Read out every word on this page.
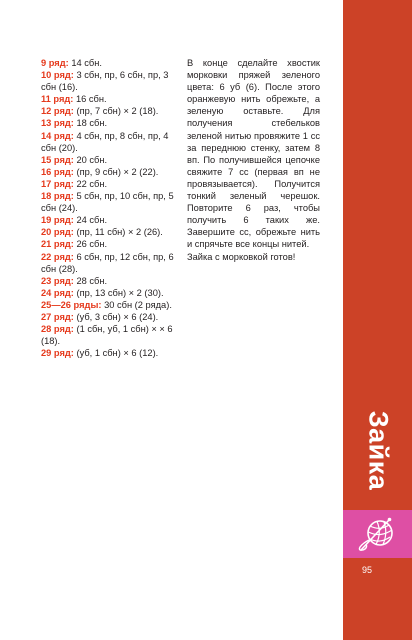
9 ряд: 14 сбн.
10 ряд: 3 сбн, пр, 6 сбн, пр, 3 сбн (16).
11 ряд: 16 сбн.
12 ряд: (пр, 7 сбн) × 2 (18).
13 ряд: 18 сбн.
14 ряд: 4 сбн, пр, 8 сбн, пр, 4 сбн (20).
15 ряд: 20 сбн.
16 ряд: (пр, 9 сбн) × 2 (22).
17 ряд: 22 сбн.
18 ряд: 5 сбн, пр, 10 сбн, пр, 5 сбн (24).
19 ряд: 24 сбн.
20 ряд: (пр, 11 сбн) × 2 (26).
21 ряд: 26 сбн.
22 ряд: 6 сбн, пр, 12 сбн, пр, 6 сбн (28).
23 ряд: 28 сбн.
24 ряд: (пр, 13 сбн) × 2 (30).
25—26 ряды: 30 сбн (2 ряда).
27 ряд: (уб, 3 сбн) × 6 (24).
28 ряд: (1 сбн, уб, 1 сбн) × × 6 (18).
29 ряд: (уб, 1 сбн) × 6 (12).

В конце сделайте хвостик морковки пряжей зеленого цвета: 6 уб (6). После этого оранжевую нить обрежьте, а зеленую оставьте. Для получения стебельков зеленой нитью провяжите 1 сс за переднюю стенку, затем 8 вп. По получившейся цепочке свяжите 7 сс (первая вп не провязывается). Получится тонкий зеленый черешок. Повторите 6 раз, чтобы получить 6 таких же. Завершите сс, обрежьте нить и спрячьте все концы нитей.

Зайка с морковкой готов!

Зайка
95
